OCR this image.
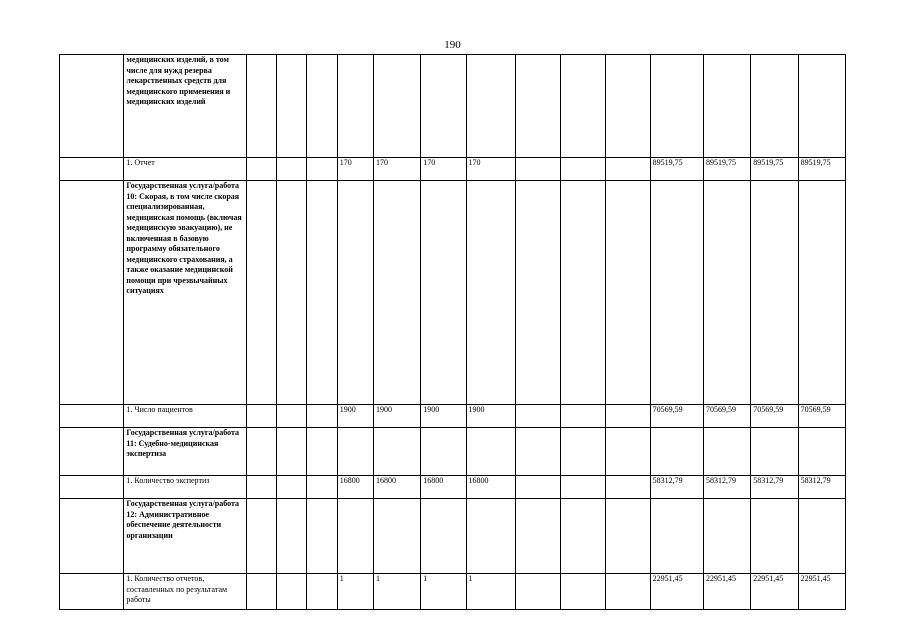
190
	медицинских изделий, в том числе для нужд резерва лекарственных средств для медицинского применения и медицинских изделий														
	1. Отчет				170	170	170	170				89519,75	89519,75	89519,75	89519,75
	Государственная услуга/работа 10: Скорая, в том числе скорая специализированная, медицинская помощь (включая медицинскую эвакуацию), не включенная в базовую программу обязательного медицинского страхования, а также оказание медицинской помощи при чрезвычайных ситуациях														
	1. Число пациентов				1900	1900	1900	1900				70569,59	70569,59	70569,59	70569,59
	Государственная услуга/работа 11: Судебно-медицинская экспертиза														
	1. Количество экспертиз				16800	16800	16800	16800				58312,79	58312,79	58312,79	58312,79
	Государственная услуга/работа 12: Административное обеспечение деятельности организации														
	1. Количество отчетов, составленных по результатам работы				1	1	1	1				22951,45	22951,45	22951,45	22951,45
